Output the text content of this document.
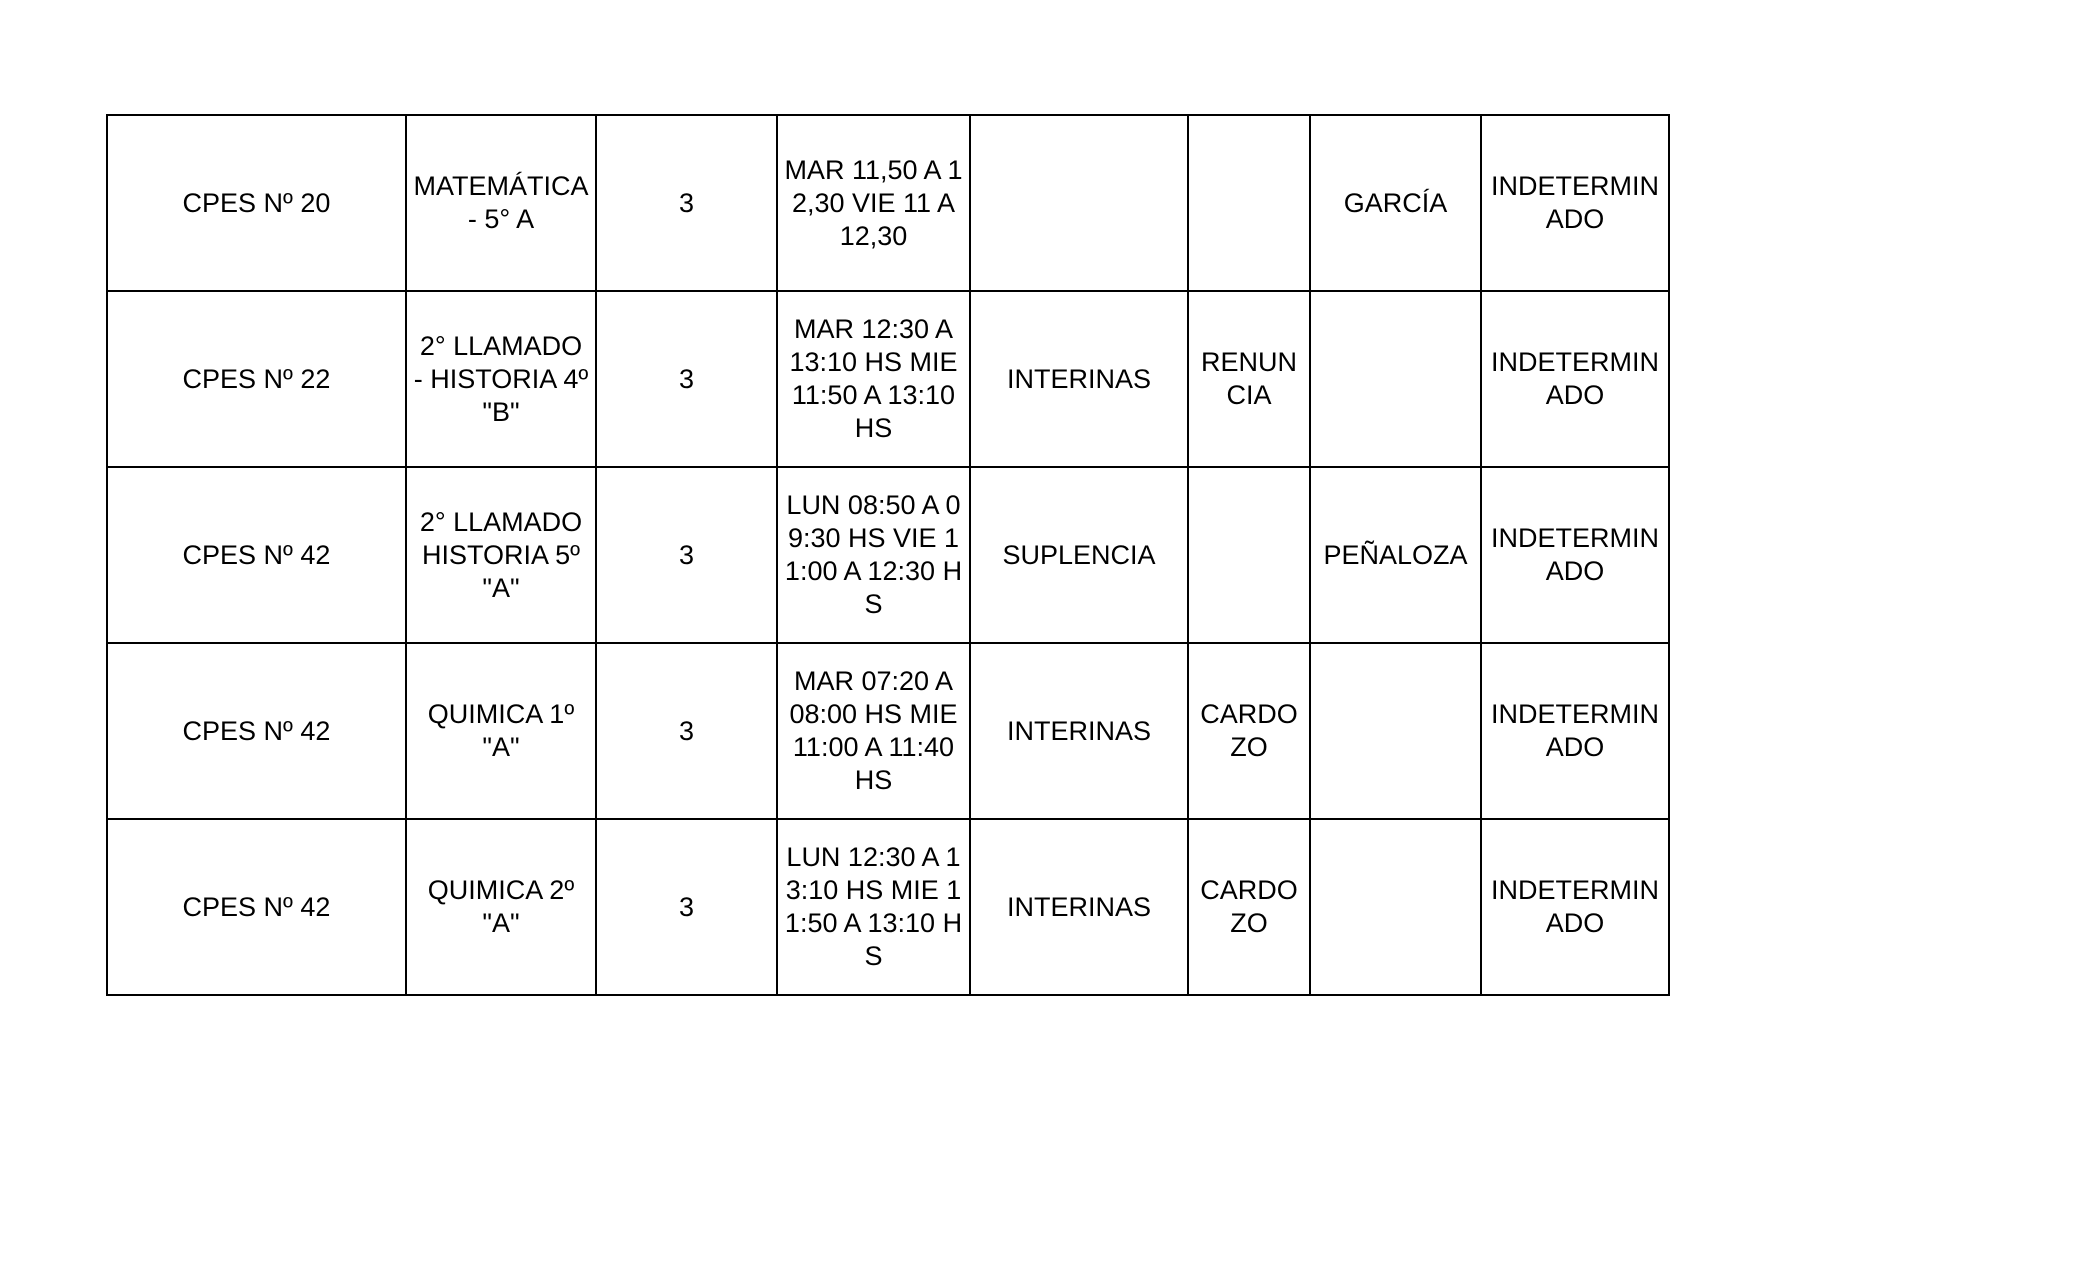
CPES Nº 20	MATEMÁTICA - 5° A	3	MAR 11,50 A 12,30 VIE 11 A 12,30			GARCÍA	INDETERMIN ADO
CPES Nº 22	2° LLAMADO - HISTORIA 4º "B"	3	MAR 12:30 A 13:10 HS MIE 11:50 A 13:10 HS	INTERINAS	RENUN CIA		INDETERMIN ADO
CPES Nº 42	2° LLAMADO HISTORIA 5º "A"	3	LUN 08:50 A 09:30 HS VIE 11:00 A 12:30 HS	SUPLENCIA		PEÑALOZA	INDETERMIN ADO
CPES Nº 42	QUIMICA 1º "A"	3	MAR 07:20 A 08:00 HS MIE 11:00 A 11:40 HS	INTERINAS	CARDO ZO		INDETERMIN ADO
CPES Nº 42	QUIMICA 2º "A"	3	LUN 12:30 A 13:10 HS MIE 11:50 A 13:10 HS	INTERINAS	CARDO ZO		INDETERMIN ADO
